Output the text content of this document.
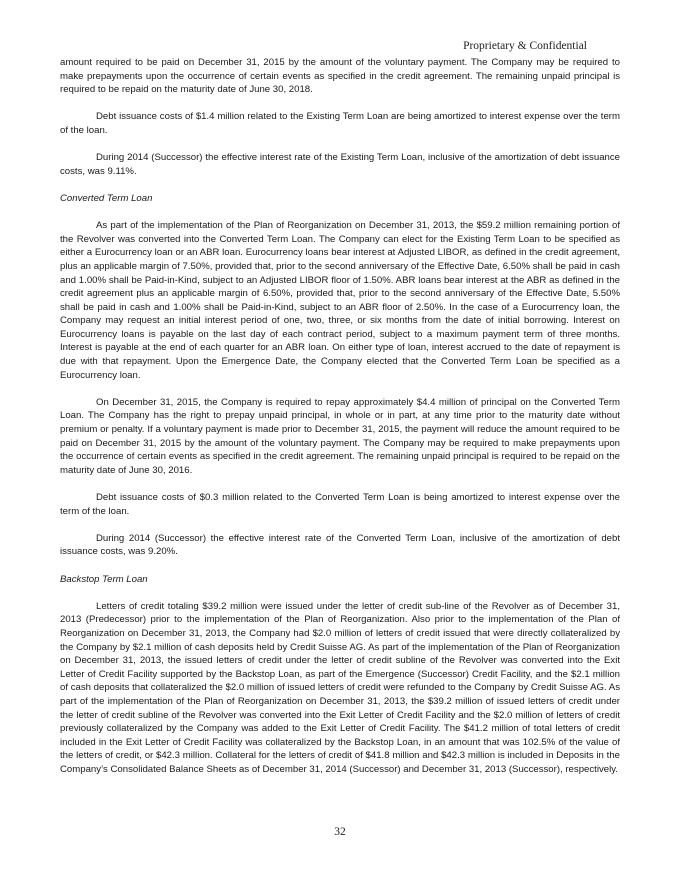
Proprietary & Confidential

amount required to be paid on December 31, 2015 by the amount of the voluntary payment. The Company may be required to make prepayments upon the occurrence of certain events as specified in the credit agreement. The remaining unpaid principal is required to be repaid on the maturity date of June 30, 2018.

Debt issuance costs of $1.4 million related to the Existing Term Loan are being amortized to interest expense over the term of the loan.

During 2014 (Successor) the effective interest rate of the Existing Term Loan, inclusive of the amortization of debt issuance costs, was 9.11%.

Converted Term Loan

As part of the implementation of the Plan of Reorganization on December 31, 2013, the $59.2 million remaining portion of the Revolver was converted into the Converted Term Loan. The Company can elect for the Existing Term Loan to be specified as either a Eurocurrency loan or an ABR loan. Eurocurrency loans bear interest at Adjusted LIBOR, as defined in the credit agreement, plus an applicable margin of 7.50%, provided that, prior to the second anniversary of the Effective Date, 6.50% shall be paid in cash and 1.00% shall be Paid-in-Kind, subject to an Adjusted LIBOR floor of 1.50%. ABR loans bear interest at the ABR as defined in the credit agreement plus an applicable margin of 6.50%, provided that, prior to the second anniversary of the Effective Date, 5.50% shall be paid in cash and 1.00% shall be Paid-in-Kind, subject to an ABR floor of 2.50%. In the case of a Eurocurrency loan, the Company may request an initial interest period of one, two, three, or six months from the date of initial borrowing. Interest on Eurocurrency loans is payable on the last day of each contract period, subject to a maximum payment term of three months. Interest is payable at the end of each quarter for an ABR loan. On either type of loan, interest accrued to the date of repayment is due with that repayment. Upon the Emergence Date, the Company elected that the Converted Term Loan be specified as a Eurocurrency loan.

On December 31, 2015, the Company is required to repay approximately $4.4 million of principal on the Converted Term Loan. The Company has the right to prepay unpaid principal, in whole or in part, at any time prior to the maturity date without premium or penalty. If a voluntary payment is made prior to December 31, 2015, the payment will reduce the amount required to be paid on December 31, 2015 by the amount of the voluntary payment. The Company may be required to make prepayments upon the occurrence of certain events as specified in the credit agreement. The remaining unpaid principal is required to be repaid on the maturity date of June 30, 2016.

Debt issuance costs of $0.3 million related to the Converted Term Loan is being amortized to interest expense over the term of the loan.

During 2014 (Successor) the effective interest rate of the Converted Term Loan, inclusive of the amortization of debt issuance costs, was 9.20%.

Backstop Term Loan

Letters of credit totaling $39.2 million were issued under the letter of credit sub-line of the Revolver as of December 31, 2013 (Predecessor) prior to the implementation of the Plan of Reorganization. Also prior to the implementation of the Plan of Reorganization on December 31, 2013, the Company had $2.0 million of letters of credit issued that were directly collateralized by the Company by $2.1 million of cash deposits held by Credit Suisse AG. As part of the implementation of the Plan of Reorganization on December 31, 2013, the issued letters of credit under the letter of credit subline of the Revolver was converted into the Exit Letter of Credit Facility supported by the Backstop Loan, as part of the Emergence (Successor) Credit Facility, and the $2.1 million of cash deposits that collateralized the $2.0 million of issued letters of credit were refunded to the Company by Credit Suisse AG. As part of the implementation of the Plan of Reorganization on December 31, 2013, the $39.2 million of issued letters of credit under the letter of credit subline of the Revolver was converted into the Exit Letter of Credit Facility and the $2.0 million of letters of credit previously collateralized by the Company was added to the Exit Letter of Credit Facility. The $41.2 million of total letters of credit included in the Exit Letter of Credit Facility was collateralized by the Backstop Loan, in an amount that was 102.5% of the value of the letters of credit, or $42.3 million. Collateral for the letters of credit of $41.8 million and $42.3 million is included in Deposits in the Company’s Consolidated Balance Sheets as of December 31, 2014 (Successor) and December 31, 2013 (Successor), respectively.

32
